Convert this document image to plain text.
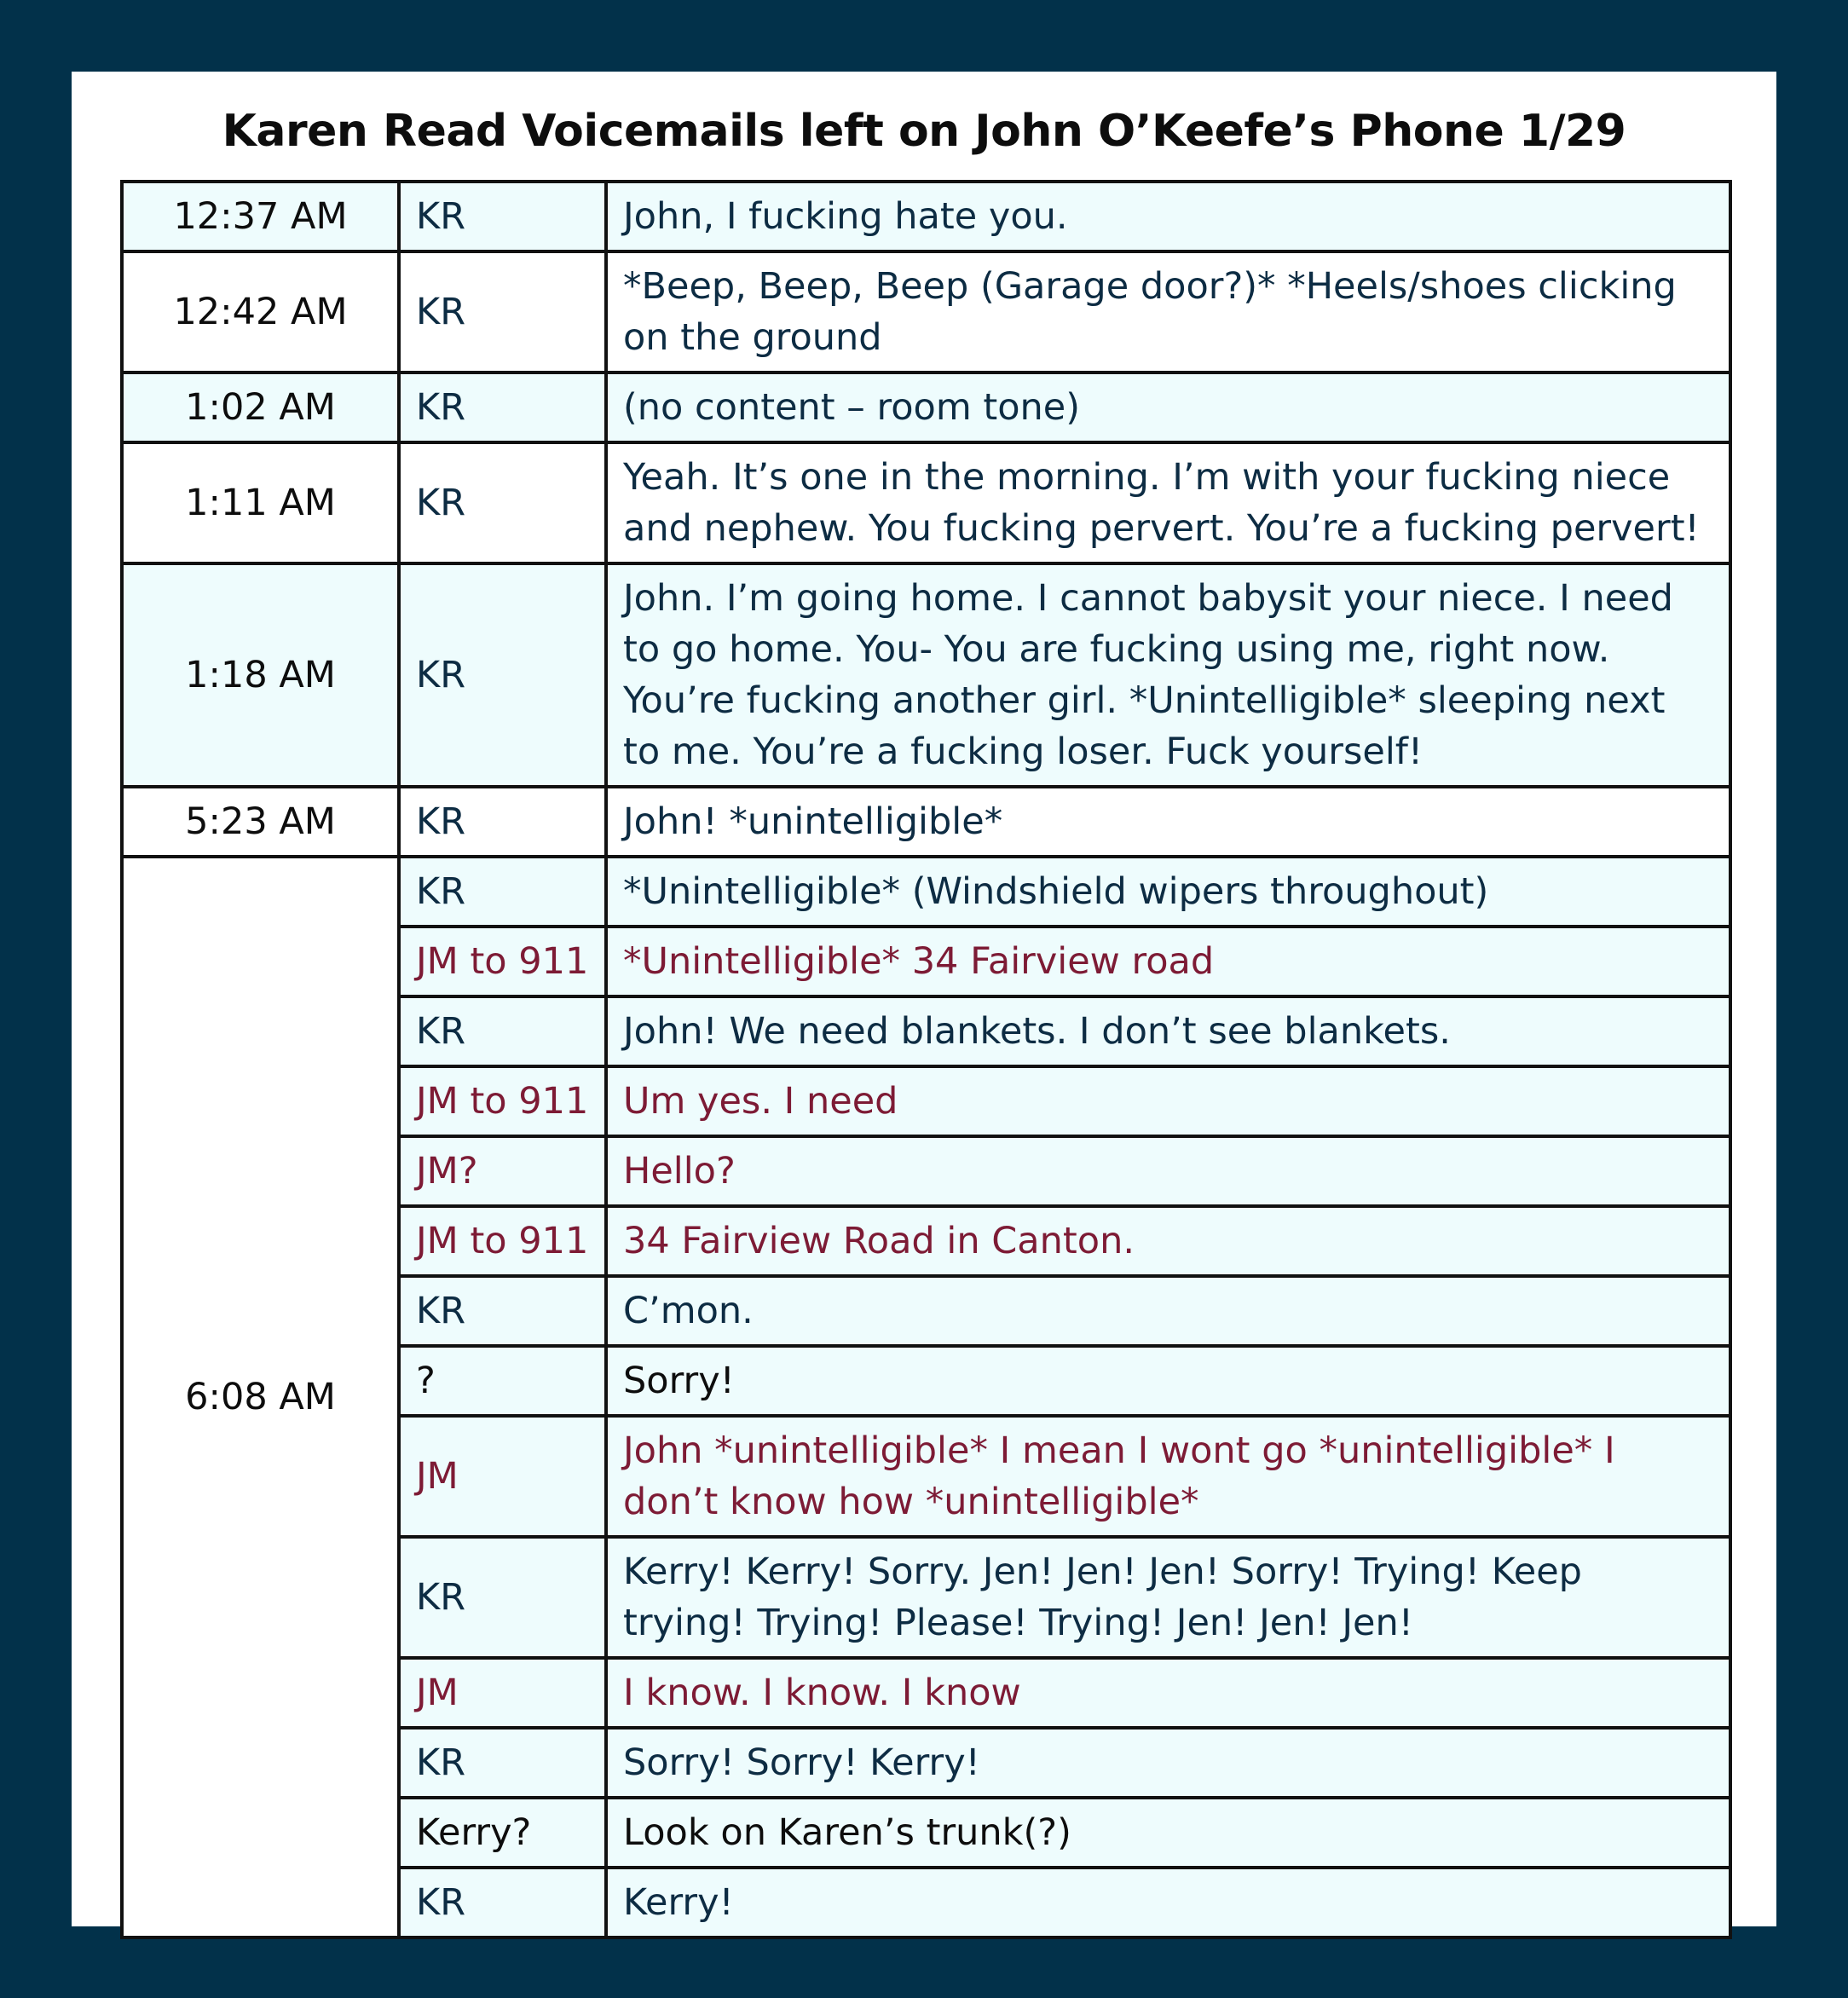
Karen Read Voicemails left on John O’Keefe’s Phone 1/29
12:37 AM	KR	John, I fucking hate you.
12:42 AM	KR	*Beep, Beep, Beep (Garage door?)* *Heels/shoes clicking on the ground
1:02 AM	KR	(no content – room tone)
1:11 AM	KR	Yeah. It’s one in the morning. I’m with your fucking niece and nephew. You fucking pervert. You’re a fucking pervert!
1:18 AM	KR	John. I’m going home. I cannot babysit your niece. I need to go home. You- You are fucking using me, right now. You’re fucking another girl. *Unintelligible* sleeping next to me. You’re a fucking loser. Fuck yourself!
5:23 AM	KR	John! *unintelligible*
6:08 AM	KR	*Unintelligible* (Windshield wipers throughout)
	JM to 911	*Unintelligible* 34 Fairview road
	KR	John! We need blankets. I don’t see blankets.
	JM to 911	Um yes. I need
	JM?	Hello?
	JM to 911	34 Fairview Road in Canton.
	KR	C’mon.
	?	Sorry!
	JM	John *unintelligible* I mean I wont go *unintelligible* I don’t know how *unintelligible*
	KR	Kerry! Kerry! Sorry. Jen! Jen! Jen! Sorry! Trying! Keep trying! Trying! Please! Trying! Jen! Jen! Jen!
	JM	I know. I know. I know
	KR	Sorry! Sorry! Kerry!
	Kerry?	Look on Karen’s trunk(?)
	KR	Kerry!
